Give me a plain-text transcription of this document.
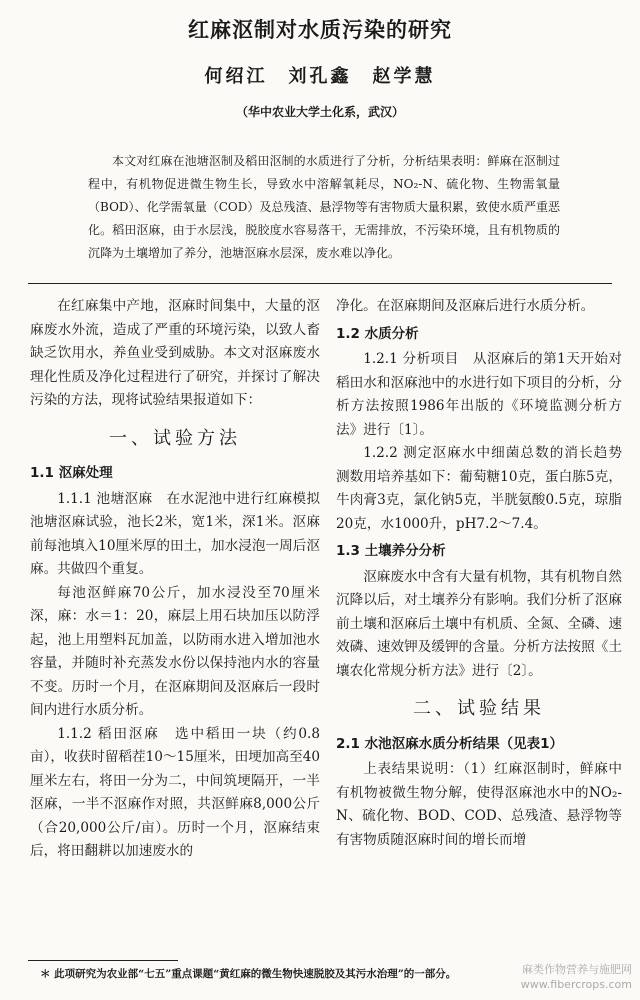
红麻沤制对水质污染的研究
何绍江　刘孔鑫　赵学慧
（华中农业大学土化系，武汉）
本文对红麻在池塘沤制及稻田沤制的水质进行了分析，分析结果表明：鲜麻在沤制过程中，有机物促进微生物生长，导致水中溶解氧耗尽，NO₂-N、硫化物、生物需氧量（BOD）、化学需氧量（COD）及总残渣、悬浮物等有害物质大量积累，致使水质严重恶化。稻田沤麻，由于水层浅，脱胶度水容易落干，无需排放，不污染环境，且有机物质的沉降为土壤增加了养分，池塘沤麻水层深，废水难以净化。

在红麻集中产地，沤麻时间集中，大量的沤麻废水外流，造成了严重的环境污染，以致人畜缺乏饮用水，养鱼业受到威胁。本文对沤麻废水理化性质及净化过程进行了研究，并探讨了解决污染的方法，现将试验结果报道如下：

一、试验方法
1.1 沤麻处理

1.1.1 池塘沤麻　在水泥池中进行红麻模拟池塘沤麻试验，池长2米，宽1米，深1米。沤麻前每池填入10厘米厚的田土，加水浸泡一周后沤麻。共做四个重复。

每池沤鲜麻70公斤，加水浸没至70厘米深，麻：水＝1：20，麻层上用石块加压以防浮起，池上用塑料瓦加盖，以防雨水进入增加池水容量，并随时补充蒸发水份以保持池内水的容量不变。历时一个月，在沤麻期间及沤麻后一段时间内进行水质分析。

1.1.2 稻田沤麻　选中稻田一块（约0.8亩），收获时留稻茬10～15厘米，田埂加高至40厘米左右，将田一分为二，中间筑埂隔开，一半沤麻，一半不沤麻作对照，共沤鲜麻8,000公斤（合20,000公斤/亩）。历时一个月，沤麻结束后，将田翻耕以加速废水的

净化。在沤麻期间及沤麻后进行水质分析。

1.2 水质分析

1.2.1 分析项目　从沤麻后的第1天开始对稻田水和沤麻池中的水进行如下项目的分析，分析方法按照1986年出版的《环境监测分析方法》进行〔1〕。

1.2.2 测定沤麻水中细菌总数的消长趋势　测数用培养基如下：葡萄糖10克，蛋白胨5克，牛肉膏3克，氯化钠5克，半胱氨酸0.5克，琼脂20克，水1000升，pH7.2～7.4。

1.3 土壤养分分析

沤麻废水中含有大量有机物，其有机物自然沉降以后，对土壤养分有影响。我们分析了沤麻前土壤和沤麻后土壤中有机质、全氮、全磷、速效磷、速效钾及缓钾的含量。分析方法按照《土壤农化常规分析方法》进行〔2〕。

二、试验结果
2.1 水池沤麻水质分析结果（见表1）

上表结果说明：（1）红麻沤制时，鲜麻中有机物被微生物分解，使得沤麻池水中的NO₂-N、硫化物、BOD、COD、总残渣、悬浮物等有害物质随沤麻时间的增长而增

＊ 此项研究为农业部“七五”重点课题“黄红麻的微生物快速脱胶及其污水治理”的一部分。	麻类作物营养与施肥网
www.fibercrops.com
